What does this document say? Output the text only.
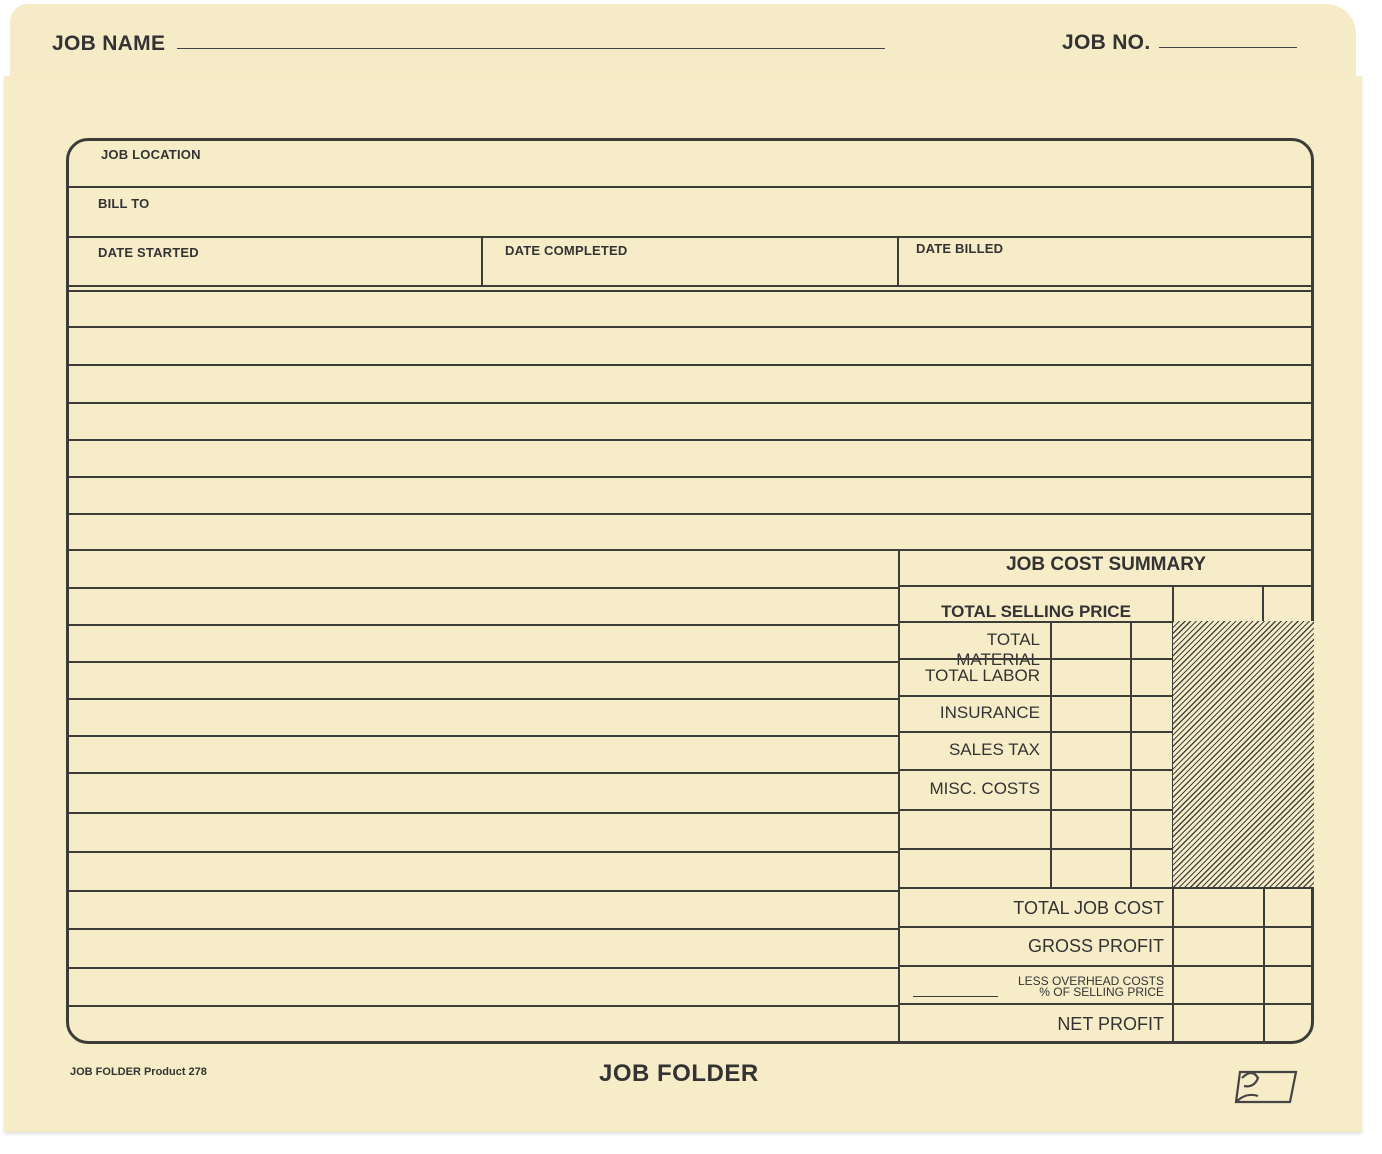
JOB NAME	JOB NO.
JOB LOCATION
BILL TO
DATE STARTED	DATE COMPLETED	DATE BILLED
JOB COST SUMMARY
TOTAL SELLING PRICE
TOTAL MATERIAL
TOTAL LABOR
INSURANCE
SALES TAX
MISC. COSTS
TOTAL JOB COST
GROSS PROFIT
LESS OVERHEAD COSTS
% OF SELLING PRICE
NET PROFIT
JOB FOLDER Product 278	JOB FOLDER
